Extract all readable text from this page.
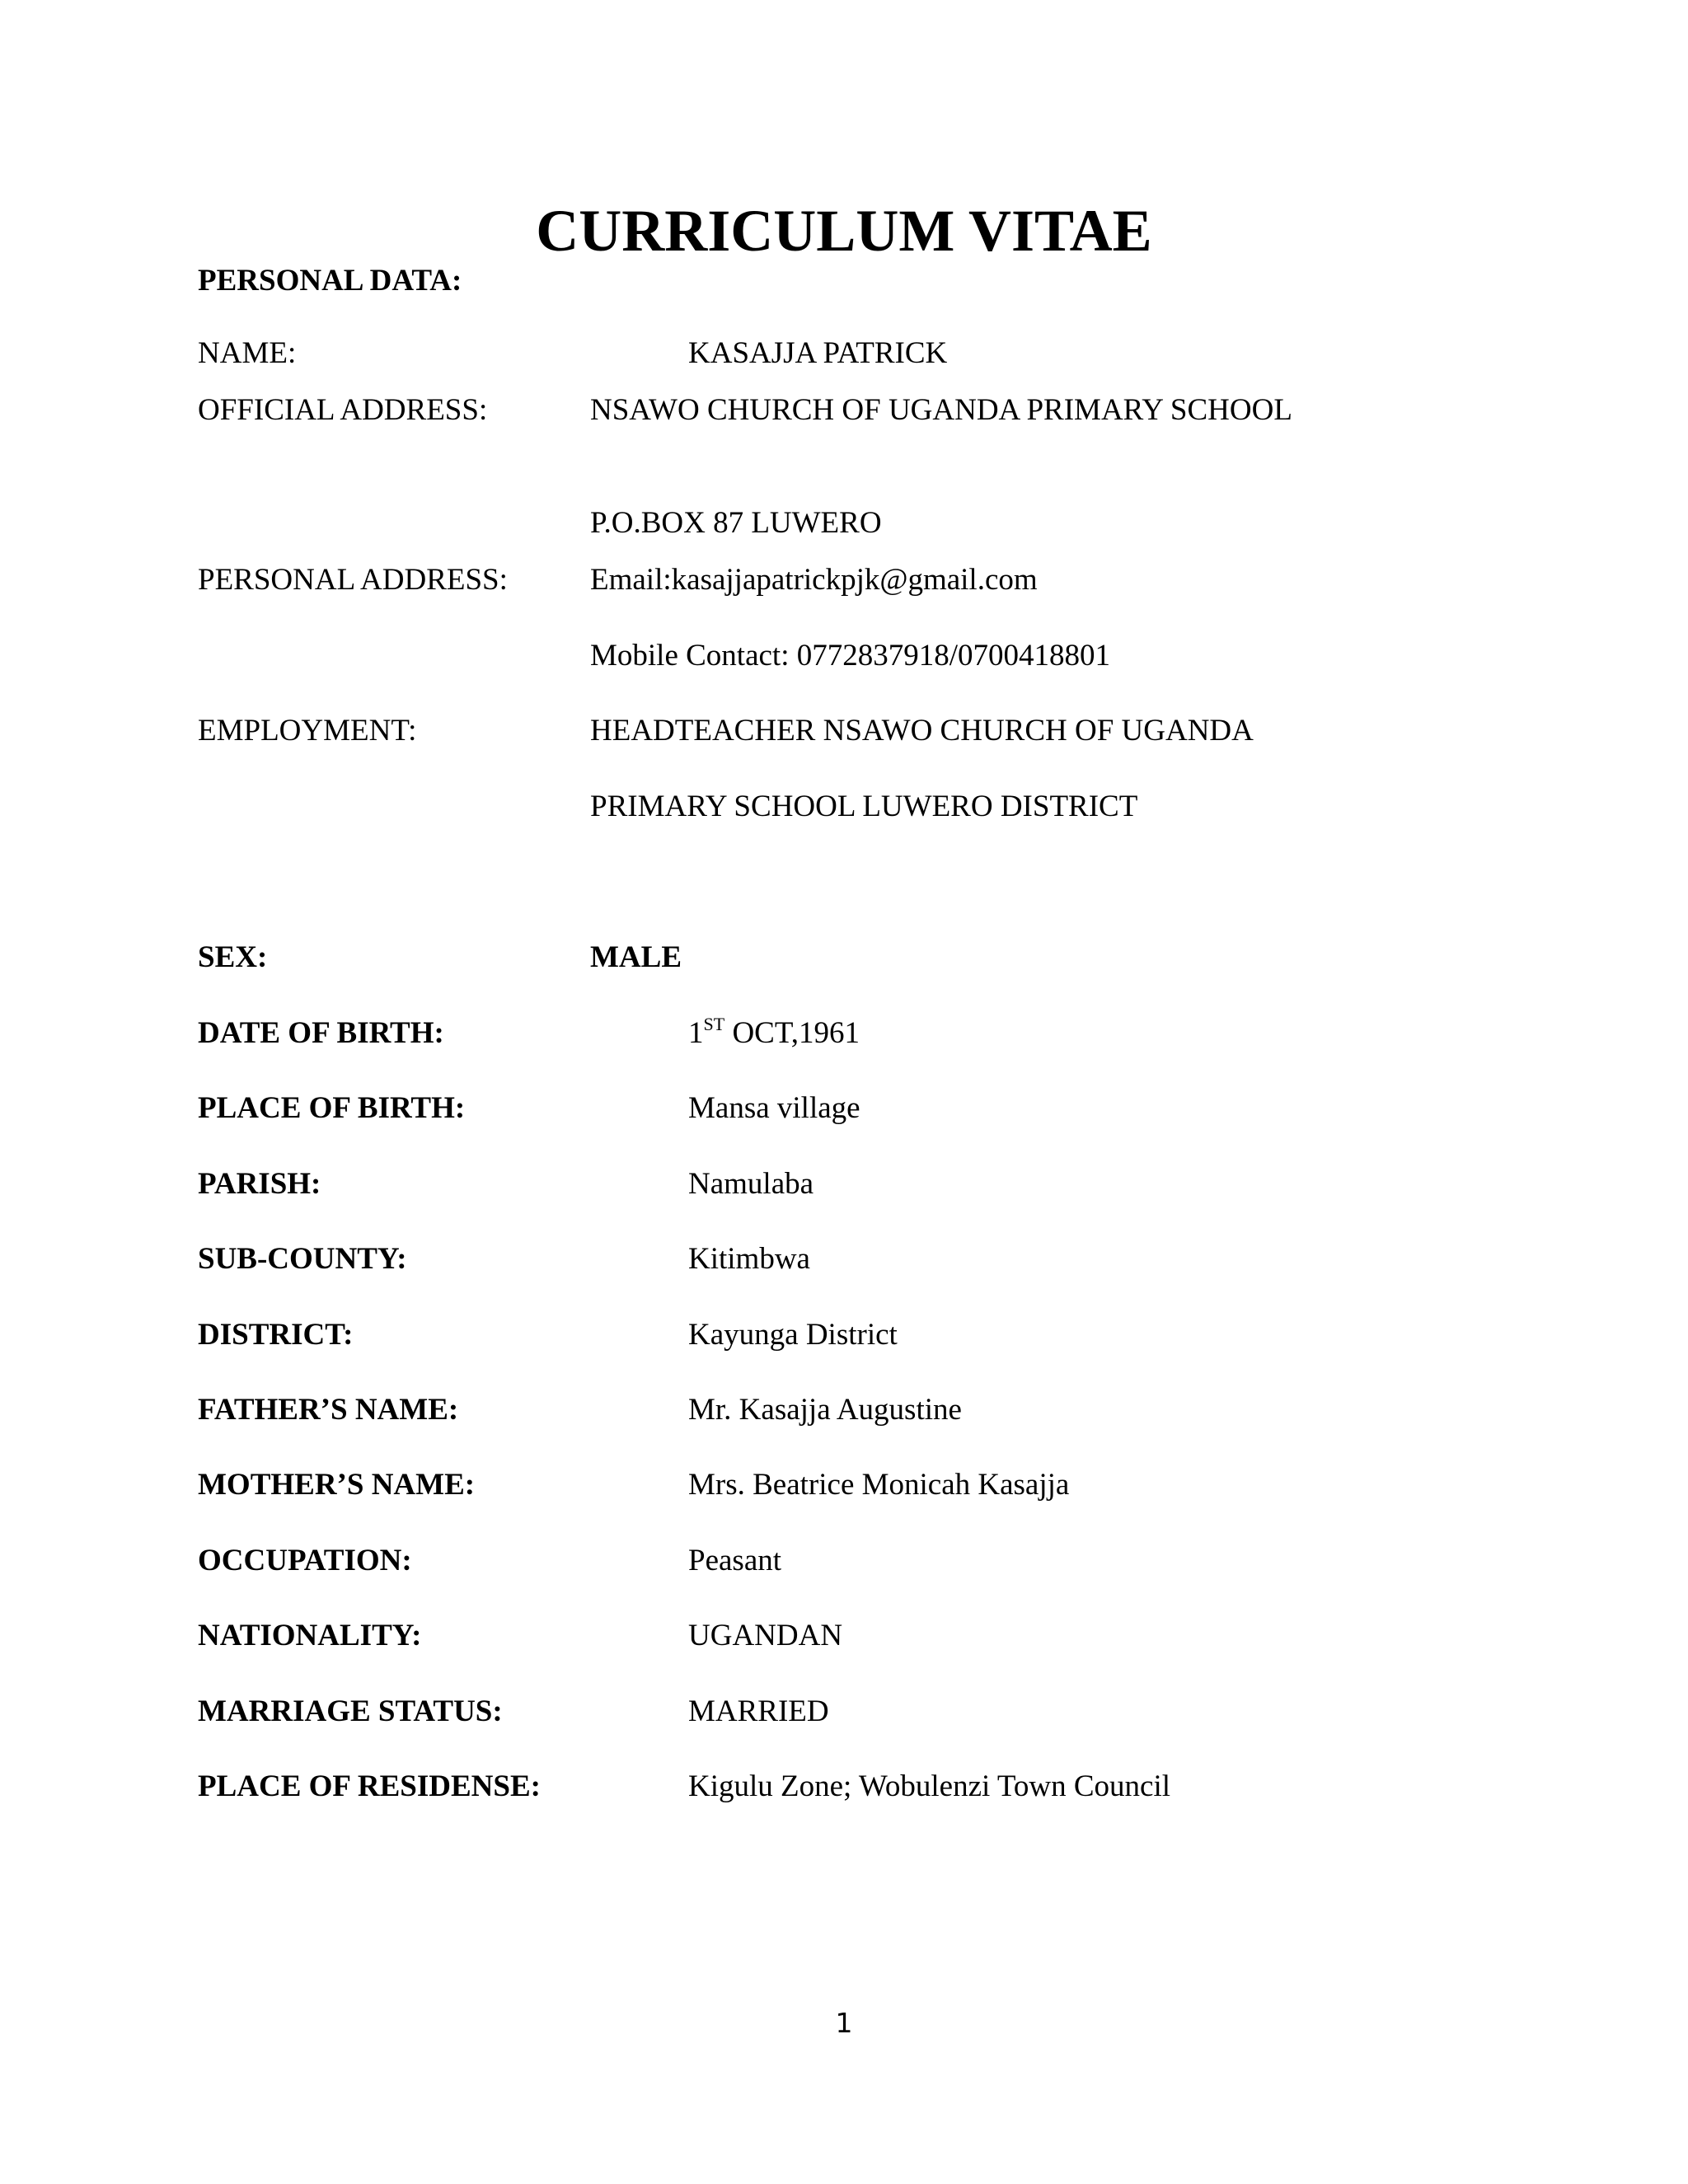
CURRICULUM VITAE
PERSONAL DATA:
NAME:	KASAJJA PATRICK
OFFICIAL ADDRESS:	NSAWO CHURCH OF UGANDA PRIMARY SCHOOL
P.O.BOX 87 LUWERO
PERSONAL ADDRESS:	Email:kasajjapatrickpjk@gmail.com
Mobile Contact: 0772837918/0700418801
EMPLOYMENT:	HEADTEACHER NSAWO CHURCH OF UGANDA
PRIMARY SCHOOL LUWERO DISTRICT
SEX:	MALE
DATE OF BIRTH:	1ST OCT,1961
PLACE OF BIRTH:	Mansa village
PARISH:	Namulaba
SUB-COUNTY:	Kitimbwa
DISTRICT:	Kayunga District
FATHER’S NAME:	Mr. Kasajja Augustine
MOTHER’S NAME:	Mrs. Beatrice Monicah Kasajja
OCCUPATION:	Peasant
NATIONALITY:	UGANDAN
MARRIAGE STATUS:	MARRIED
PLACE OF RESIDENSE:	Kigulu Zone; Wobulenzi Town Council
1
